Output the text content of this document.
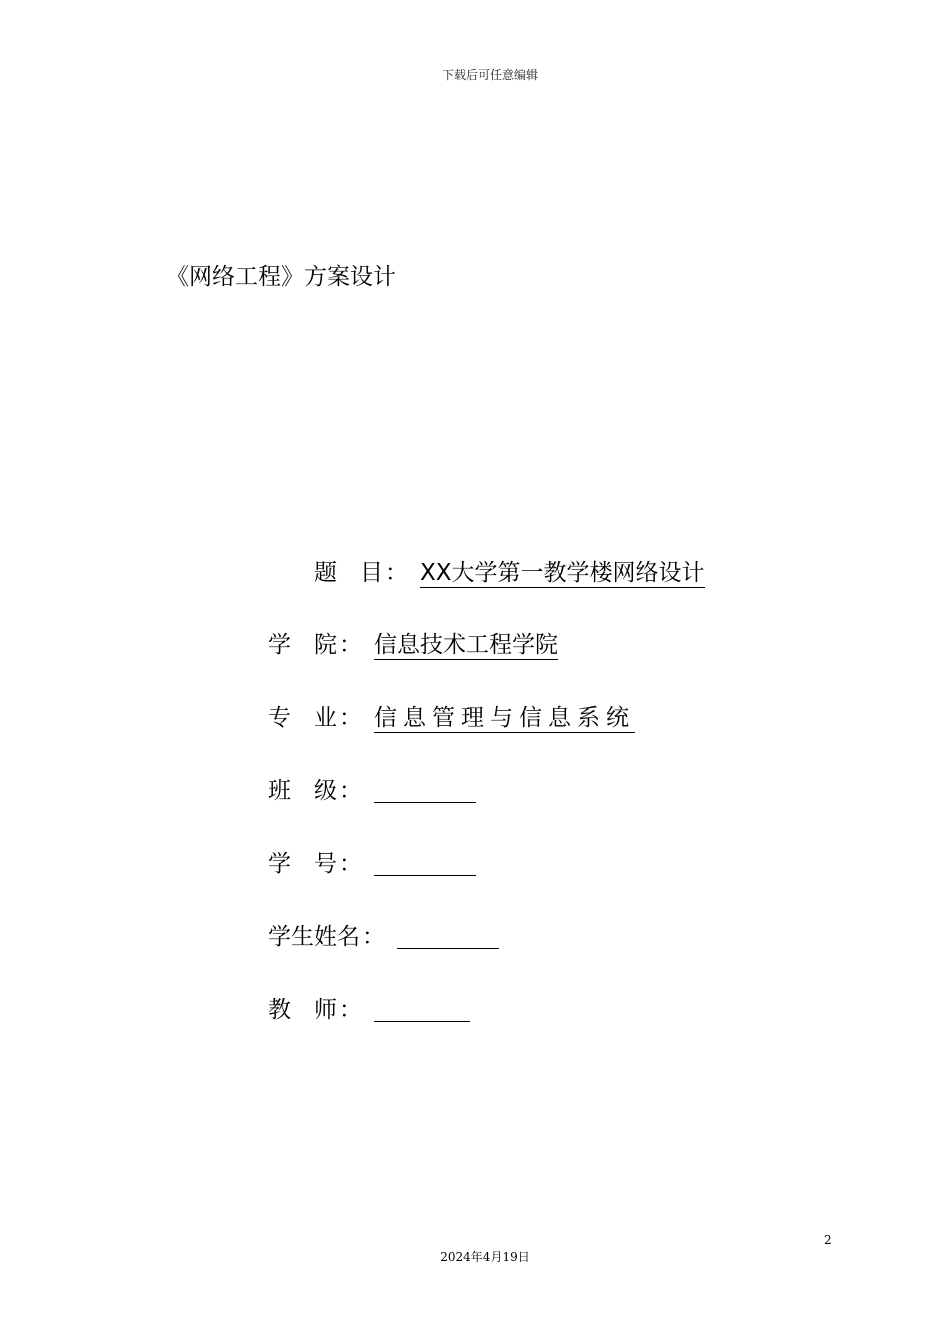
下载后可任意编辑
《网络工程》方案设计
题　目： XX大学第一教学楼网络设计
学　院： 信息技术工程学院
专　业： 信息管理与信息系统
班　级：
学　号：
学生姓名：
教　师：
2
2024年4月19日
